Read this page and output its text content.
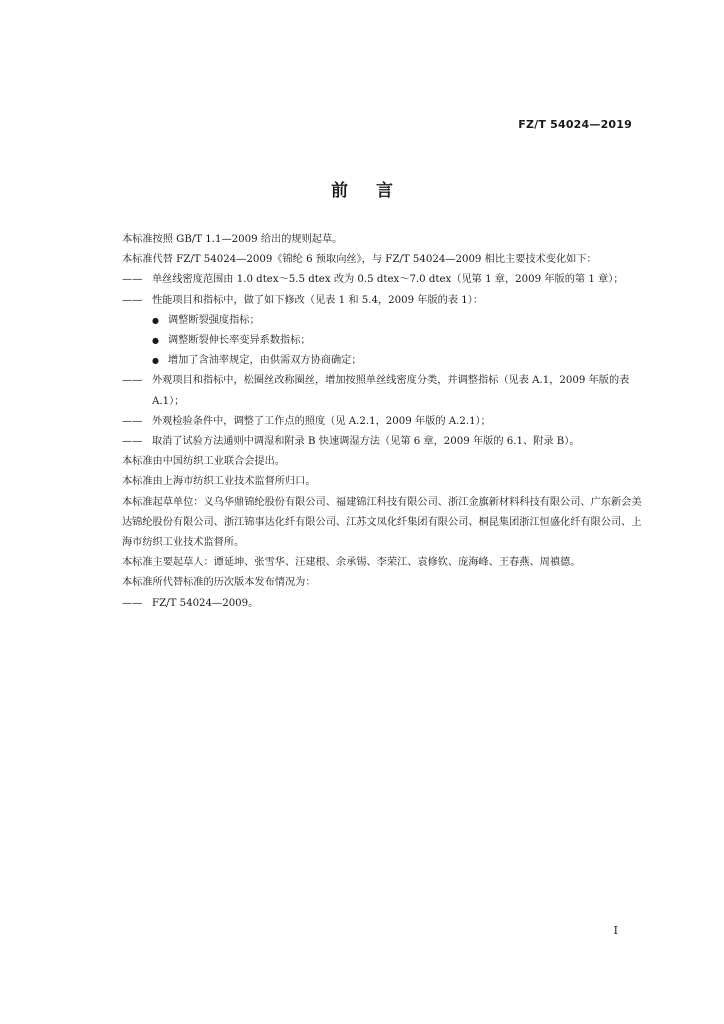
FZ/T 54024—2019
前言

本标准按照 GB/T 1.1—2009 给出的规则起草。

本标准代替 FZ/T 54024—2009《锦纶 6 预取向丝》，与 FZ/T 54024—2009 相比主要技术变化如下：

—— 单丝线密度范围由 1.0 dtex～5.5 dtex 改为 0.5 dtex～7.0 dtex（见第 1 章，2009 年版的第 1 章）；

—— 性能项目和指标中，做了如下修改（见表 1 和 5.4，2009 年版的表 1）：

● 调整断裂强度指标；

● 调整断裂伸长率变异系数指标；

● 增加了含油率规定，由供需双方协商确定；

—— 外观项目和指标中，松圈丝改称圈丝，增加按照单丝线密度分类，并调整指标（见表 A.1，2009 年版的表 A.1）；

—— 外观检验条件中，调整了工作点的照度（见 A.2.1，2009 年版的 A.2.1）；

—— 取消了试验方法通则中调湿和附录 B 快速调湿方法（见第 6 章，2009 年版的 6.1、附录 B）。

本标准由中国纺织工业联合会提出。

本标准由上海市纺织工业技术监督所归口。

本标准起草单位：义乌华鼎锦纶股份有限公司、福建锦江科技有限公司、浙江金旗新材料科技有限公司、广东新会美达锦纶股份有限公司、浙江锦事达化纤有限公司、江苏文凤化纤集团有限公司、桐昆集团浙江恒盛化纤有限公司、上海市纺织工业技术监督所。

本标准主要起草人：谭延坤、张雪华、汪建根、余承锡、李荣江、袁修钦、庞海峰、王春燕、周禛德。

本标准所代替标准的历次版本发布情况为：

—— FZ/T 54024—2009。

I
